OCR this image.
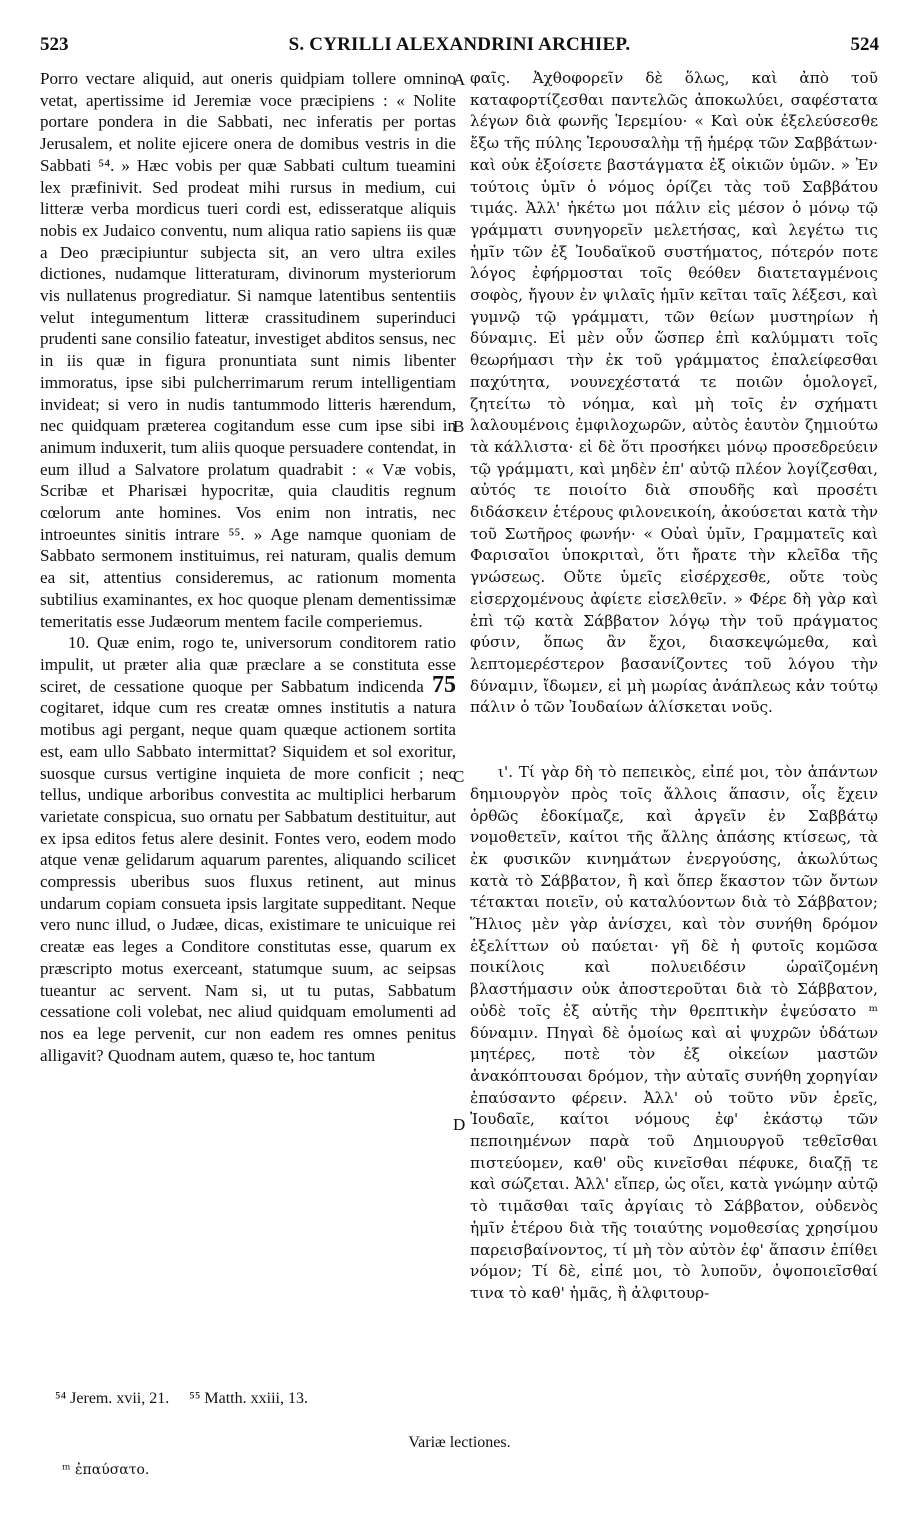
523	S. CYRILLI ALEXANDRINI ARCHIEP.	524
A
B
C
D

Porro vectare aliquid, aut oneris quidpiam tollere omnino vetat, apertissime id Jeremiæ voce præcipiens : « Nolite portare pondera in die Sabbati, nec inferatis per portas Jerusalem, et nolite ejicere onera de domibus vestris in die Sabbati ⁵⁴. » Hæc vobis per quæ Sabbati cultum tueamini lex præfinivit. Sed prodeat mihi rursus in medium, cui litteræ verba mordicus tueri cordi est, edisseratque aliquis nobis ex Judaico conventu, num aliqua ratio sapiens iis quæ a Deo præcipiuntur subjecta sit, an vero ultra exiles dictiones, nudamque litteraturam, divinorum mysteriorum vis nullatenus progrediatur. Si namque latentibus sententiis velut integumentum litteræ crassitudinem superinduci prudenti sane consilio fateatur, investiget abditos sensus, nec in iis quæ in figura pronuntiata sunt nimis libenter immoratus, ipse sibi pulcherrimarum rerum intelligentiam invideat; si vero in nudis tantummodo litteris hærendum, nec quidquam prætereа cogitandum esse cum ipse sibi in animum induxerit, tum aliis quoque persuadere contendat, in eum illud a Salvatore prolatum quadrabit : « Væ vobis, Scribæ et Pharisæi hypocritæ, quia clauditis regnum cœlorum ante homines. Vos enim non intratis, nec introeuntes sinitis intrare ⁵⁵. » Age namque quoniam de Sabbato sermonem instituimus, rei naturam, qualis demum ea sit, attentius consideremus, ac rationum momenta subtilius examinantes, ex hoc quoque plenam dementissimæ temeritatis esse Judæorum mentem facile comperiemus.

10. Quæ enim, rogo te, universorum conditorem ratio impulit, ut præter alia quæ præclare a se constituta esse sciret, de cessatione quoque per Sabbatum indicenda 75 cogitaret, idque cum res creatæ omnes institutis a natura motibus agi pergant, neque quam quæque actionem sortita est, eam ullo Sabbato intermittat? Siquidem et sol exoritur, suosque cursus vertigine inquieta de more conficit ; nec tellus, undique arboribus convestita ac multiplici herbarum varietate conspicua, suo ornatu per Sabbatum destituitur, aut ex ipsa editos fetus alere desinit. Fontes vero, eodem modo atque venæ gelidarum aquarum parentes, aliquando scilicet compressis uberibus suos fluxus retinent, aut minus undarum copiam consueta ipsis largitate suppeditant. Neque vero nunc illud, o Judæe, dicas, existimare te unicuique rei creatæ eas leges a Conditore constitutas esse, quarum ex præscripto motus exerceant, statumque suum, ac seipsas tueantur ac servent. Nam si, ut tu putas, Sabbatum cessatione coli volebat, nec aliud quidquam emolumenti ad nos ea lege pervenit, cur non eadem res omnes penitus alligavit? Quodnam autem, quæso te, hoc tantum

φαῖς. Ἀχθοφορεῖν δὲ ὅλως, καὶ ἀπὸ τοῦ καταφορτίζεσθαι παντελῶς ἀποκωλύει, σαφέστατα λέγων διὰ φωνῆς Ἱερεμίου· « Καὶ οὐκ ἐξελεύσεσθε ἔξω τῆς πύλης Ἱερουσαλὴμ τῇ ἡμέρᾳ τῶν Σαββάτων· καὶ οὐκ ἐξοίσετε βαστάγματα ἐξ οἰκιῶν ὑμῶν. » Ἐν τούτοις ὑμῖν ὁ νόμος ὁρίζει τὰς τοῦ Σαββάτου τιμάς. Ἀλλ' ἡκέτω μοι πάλιν εἰς μέσον ὁ μόνῳ τῷ γράμματι συνηγορεῖν μελετήσας, καὶ λεγέτω τις ἡμῖν τῶν ἐξ Ἰουδαϊκοῦ συστήματος, πότερόν ποτε λόγος ἐφήρμοσται τοῖς θεόθεν διατεταγμένοις σοφὸς, ἤγουν ἐν ψιλαῖς ἡμῖν κεῖται ταῖς λέξεσι, καὶ γυμνῷ τῷ γράμματι, τῶν θείων μυστηρίων ἡ δύναμις. Εἰ μὲν οὖν ὥσπερ ἐπὶ καλύμματι τοῖς θεωρήμασι τὴν ἐκ τοῦ γράμματος ἐπαλείφεσθαι παχύτητα, νουνεχέστατά τε ποιῶν ὁμολογεῖ, ζητείτω τὸ νόημα, καὶ μὴ τοῖς ἐν σχήματι λαλουμένοις ἐμφιλοχωρῶν, αὐτὸς ἑαυτὸν ζημιούτω τὰ κάλλιστα· εἰ δὲ ὅτι προσήκει μόνῳ προσεδρεύειν τῷ γράμματι, καὶ μηδὲν ἐπ' αὐτῷ πλέον λογίζεσθαι, αὐτός τε ποιοίτο διὰ σπουδῆς καὶ προσέτι διδάσκειν ἑτέρους φιλονεικοίη, ἀκούσεται κατὰ τὴν τοῦ Σωτῆρος φωνήν· « Οὐαὶ ὑμῖν, Γραμματεῖς καὶ Φαρισαῖοι ὑποκριταὶ, ὅτι ἤρατε τὴν κλεῖδα τῆς γνώσεως. Οὔτε ὑμεῖς εἰσέρχεσθε, οὔτε τοὺς εἰσερχομένους ἀφίετε εἰσελθεῖν. » Φέρε δὴ γὰρ καὶ ἐπὶ τῷ κατὰ Σάββατον λόγῳ τὴν τοῦ πράγματος φύσιν, ὅπως ἂν ἔχοι, διασκεψώμεθα, καὶ λεπτομερέστερον βασανίζοντες τοῦ λόγου τὴν δύναμιν, ἴδωμεν, εἰ μὴ μωρίας ἀνάπλεως κἀν τούτῳ πάλιν ὁ τῶν Ἰουδαίων ἁλίσκεται νοῦς.

ι'. Τί γὰρ δὴ τὸ πεπεικὸς, εἰπέ μοι, τὸν ἁπάντων δημιουργὸν πρὸς τοῖς ἄλλοις ἅπασιν, οἷς ἔχειν ὀρθῶς ἐδοκίμαζε, καὶ ἀργεῖν ἐν Σαββάτῳ νομοθετεῖν, καίτοι τῆς ἄλλης ἁπάσης κτίσεως, τὰ ἐκ φυσικῶν κινημάτων ἐνεργούσης, ἀκωλύτως κατὰ τὸ Σάββατον, ἢ καὶ ὅπερ ἕκαστον τῶν ὄντων τέτακται ποιεῖν, οὐ καταλύοντων διὰ τὸ Σάββατον; Ἥλιος μὲν γὰρ ἀνίσχει, καὶ τὸν συνήθη δρόμον ἐξελίττων οὐ παύεται· γῆ δὲ ἡ φυτοῖς κομῶσα ποικίλοις καὶ πολυειδέσιν ὡραϊζομένη βλαστήμασιν οὐκ ἀποστεροῦται διὰ τὸ Σάββατον, οὐδὲ τοῖς ἐξ αὐτῆς τὴν θρεπτικὴν ἐψεύσατο ᵐ δύναμιν. Πηγαὶ δὲ ὁμοίως καὶ αἱ ψυχρῶν ὑδάτων μητέρες, ποτὲ τὸν ἐξ οἰκείων μαστῶν ἀνακόπτουσαι δρόμον, τὴν αὐταῖς συνήθη χορηγίαν ἐπαύσαντο φέρειν. Ἀλλ' οὐ τοῦτο νῦν ἐρεῖς, Ἰουδαῖε, καίτοι νόμους ἐφ' ἑκάστῳ τῶν πεποιημένων παρὰ τοῦ Δημιουργοῦ τεθεῖσθαι πιστεύομεν, καθ' οὓς κινεῖσθαι πέφυκε, διαζῇ τε καὶ σώζεται. Ἀλλ' εἴπερ, ὡς οἴει, κατὰ γνώμην αὐτῷ τὸ τιμᾶσθαι ταῖς ἀργίαις τὸ Σάββατον, οὐδενὸς ἡμῖν ἑτέρου διὰ τῆς τοιαύτης νομοθεσίας χρησίμου παρεισβαίνοντος, τί μὴ τὸν αὐτὸν ἐφ' ἅπασιν ἐπίθει νόμον; Τί δὲ, εἰπέ μοι, τὸ λυποῦν, ὀψοποιεῖσθαί τινα τὸ καθ' ἡμᾶς, ἢ ἀλφιτουρ-

⁵⁴ Jerem. xvii, 21. ⁵⁵ Matth. xxiii, 13.
Variæ lectiones.
ᵐ ἐπαύσατο.
